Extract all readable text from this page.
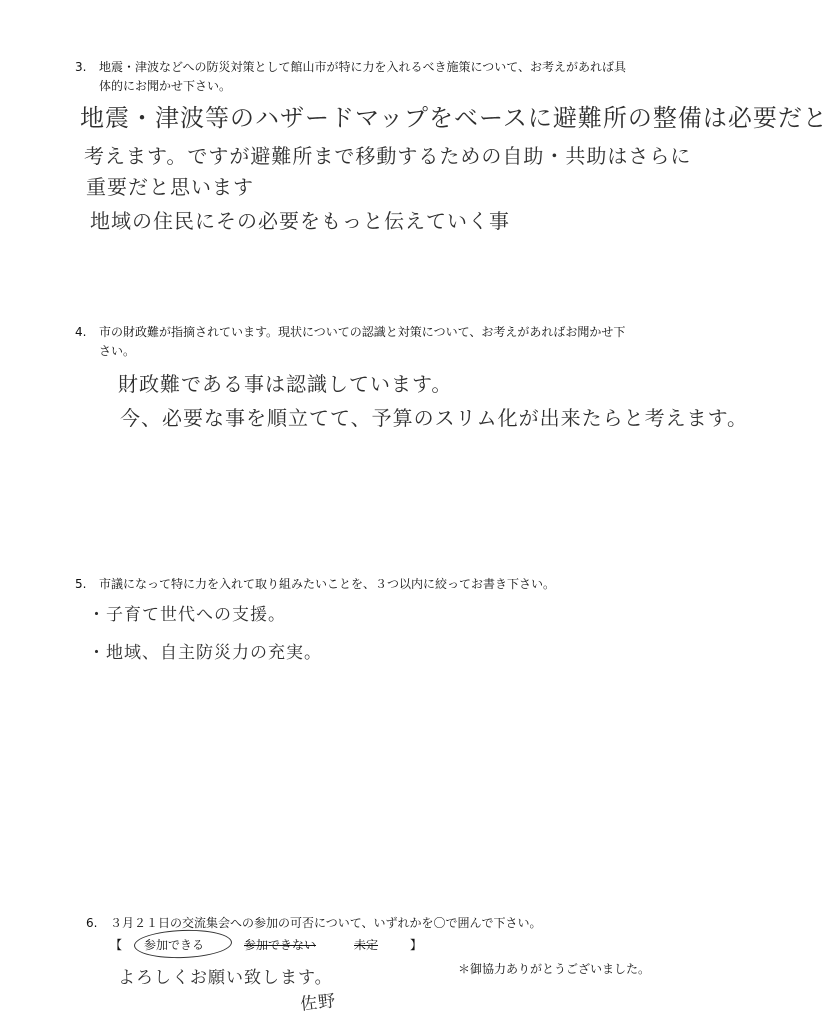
3. 地震・津波などへの防災対策として館山市が特に力を入れるべき施策について、お考えがあれば具
体的にお聞かせ下さい。
地震・津波等のハザードマップをベースに避難所の整備は必要だと
考えます。ですが避難所まで移動するための自助・共助はさらに
重要だと思います
地域の住民にその必要をもっと伝えていく事
4. 市の財政難が指摘されています。現状についての認識と対策について、お考えがあればお聞かせ下
さい。
財政難である事は認識しています。
今、必要な事を順立てて、予算のスリム化が出来たらと考えます。
5. 市議になって特に力を入れて取り組みたいことを、３つ以内に絞ってお書き下さい。
・子育て世代への支援。
・地域、自主防災力の充実。
6. ３月２１日の交流集会への参加の可否について、いずれかを〇で囲んで下さい。
【 参加できる	参加できない	未定	】
よろしくお願い致します。
佐野
＊御協力ありがとうございました。
